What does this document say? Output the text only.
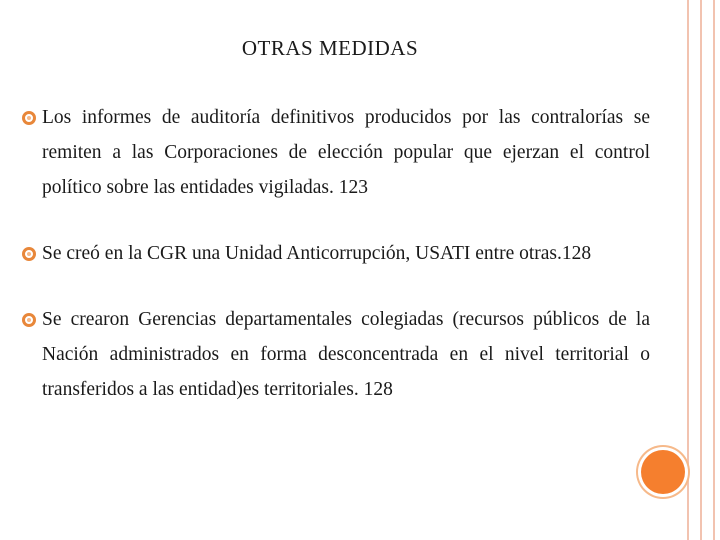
OTRAS MEDIDAS
Los informes de auditoría definitivos producidos por las contralorías se remiten a las Corporaciones de elección popular que ejerzan el control político sobre las entidades vigiladas. 123
Se creó en la CGR una Unidad Anticorrupción, USATI entre otras.128
Se crearon Gerencias departamentales colegiadas (recursos públicos de la Nación administrados en forma desconcentrada en el nivel territorial o transferidos a las entidad)es territoriales. 128
